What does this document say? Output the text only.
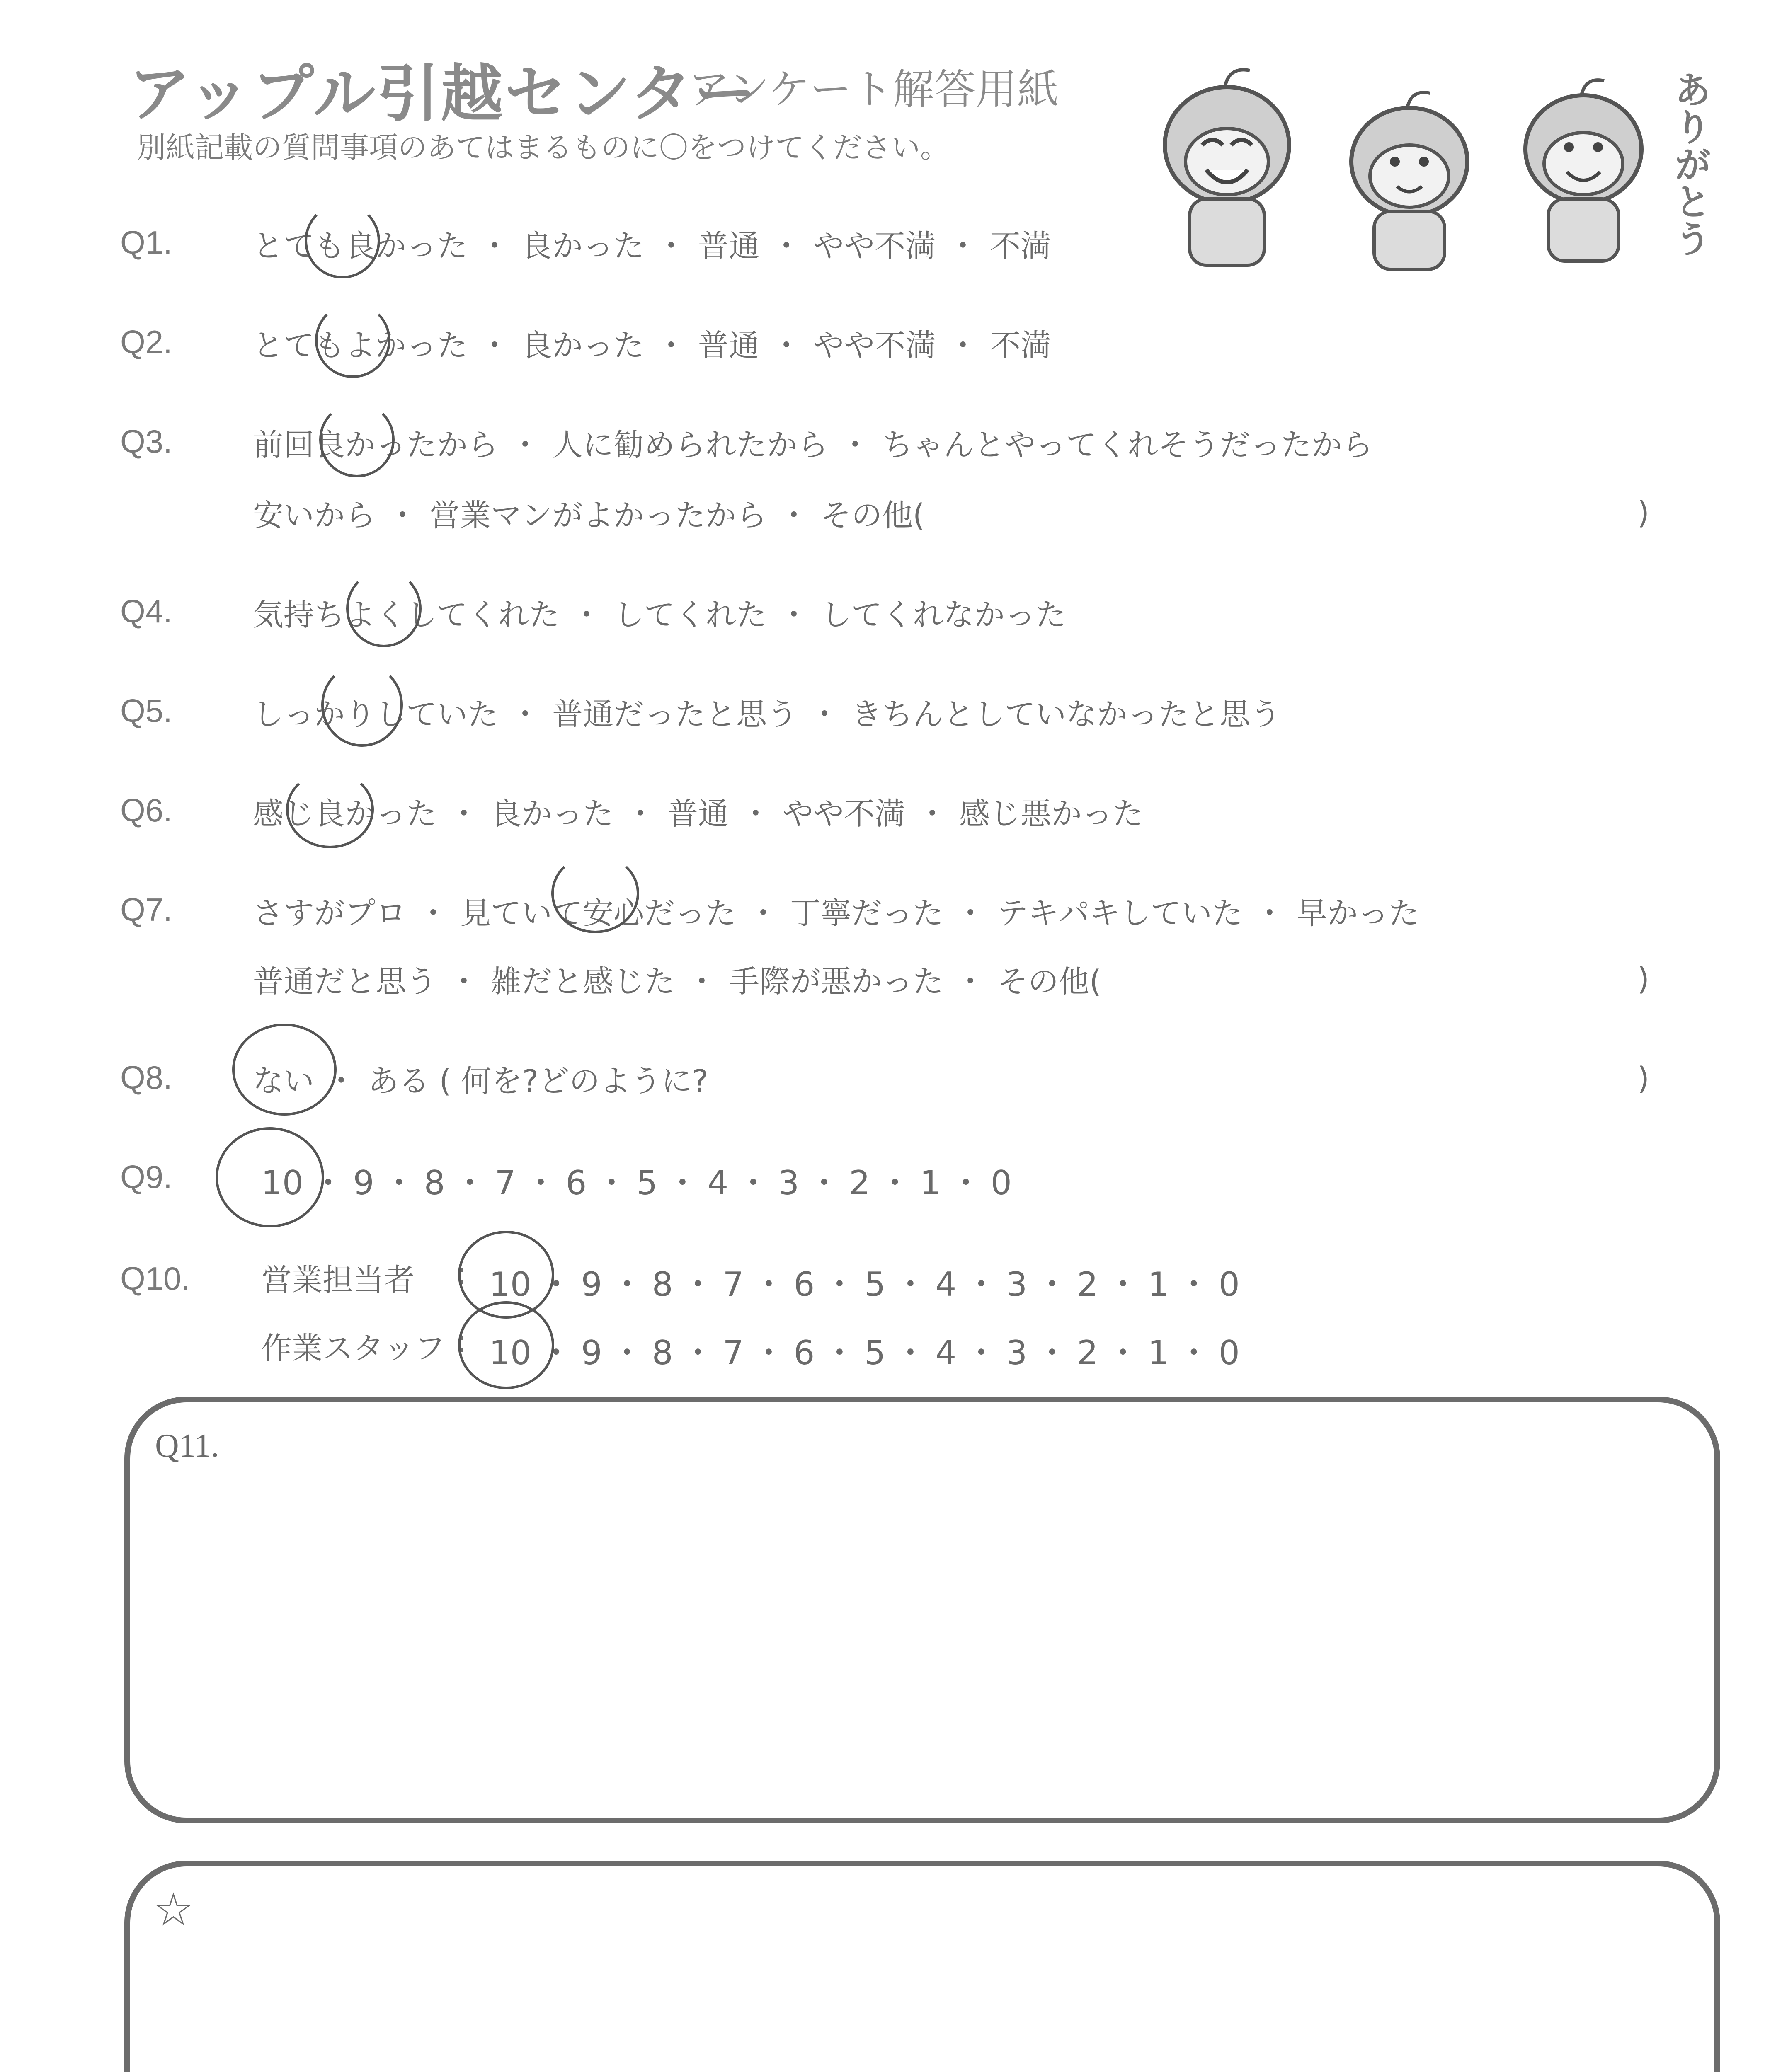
アップル引越センター
アンケート解答用紙
別紙記載の質問事項のあてはまるものに〇をつけてください。	ありがとう
Q1.	とても良かった ・ 良かった ・ 普通 ・ やや不満 ・ 不満
Q2.	とてもよかった ・ 良かった ・ 普通 ・ やや不満 ・ 不満
Q3.	前回良かったから ・ 人に勧められたから ・ ちゃんとやってくれそうだったから
安いから ・ 営業マンがよかったから ・ その他(	)
Q4.	気持ちよくしてくれた ・ してくれた ・ してくれなかった
Q5.	しっかりしていた ・ 普通だったと思う ・ きちんとしていなかったと思う
Q6.	感じ良かった ・ 良かった ・ 普通 ・ やや不満 ・ 感じ悪かった
Q7.	さすがプロ ・ 見ていて安心だった ・ 丁寧だった ・ テキパキしていた ・ 早かった
普通だと思う ・ 雑だと感じた ・ 手際が悪かった ・ その他(	)
Q8.	ない ・ ある ( 何を?どのように?	)
Q9.	10 ・ 9 ・ 8 ・ 7 ・ 6 ・ 5 ・ 4 ・ 3 ・ 2 ・ 1 ・ 0
Q10. 営業担当者 : 10 ・ 9 ・ 8 ・ 7 ・ 6 ・ 5 ・ 4 ・ 3 ・ 2 ・ 1 ・ 0
作業スタッフ : 10 ・ 9 ・ 8 ・ 7 ・ 6 ・ 5 ・ 4 ・ 3 ・ 2 ・ 1 ・ 0
Q11.
☆
